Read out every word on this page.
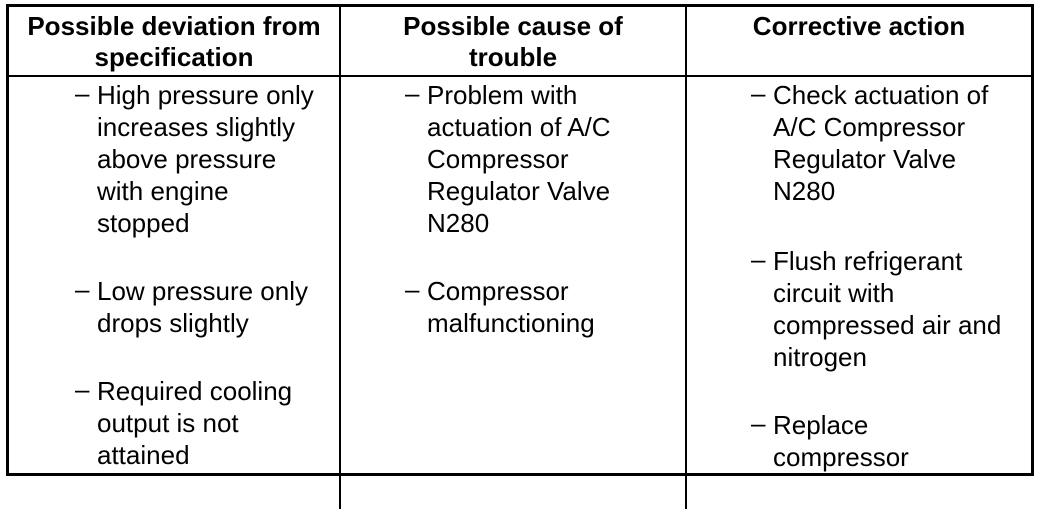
Possible deviation from
specification
Possible cause of
trouble
Corrective action
– High pressure only
increases slightly
above pressure
with engine
stopped
– Low pressure only
drops slightly
– Required cooling
output is not
attained
– Problem with
actuation of A/C
Compressor
Regulator Valve
N280
– Compressor
malfunctioning
– Check actuation of
A/C Compressor
Regulator Valve
N280
– Flush refrigerant
circuit with
compressed air and
nitrogen
– Replace
compressor
